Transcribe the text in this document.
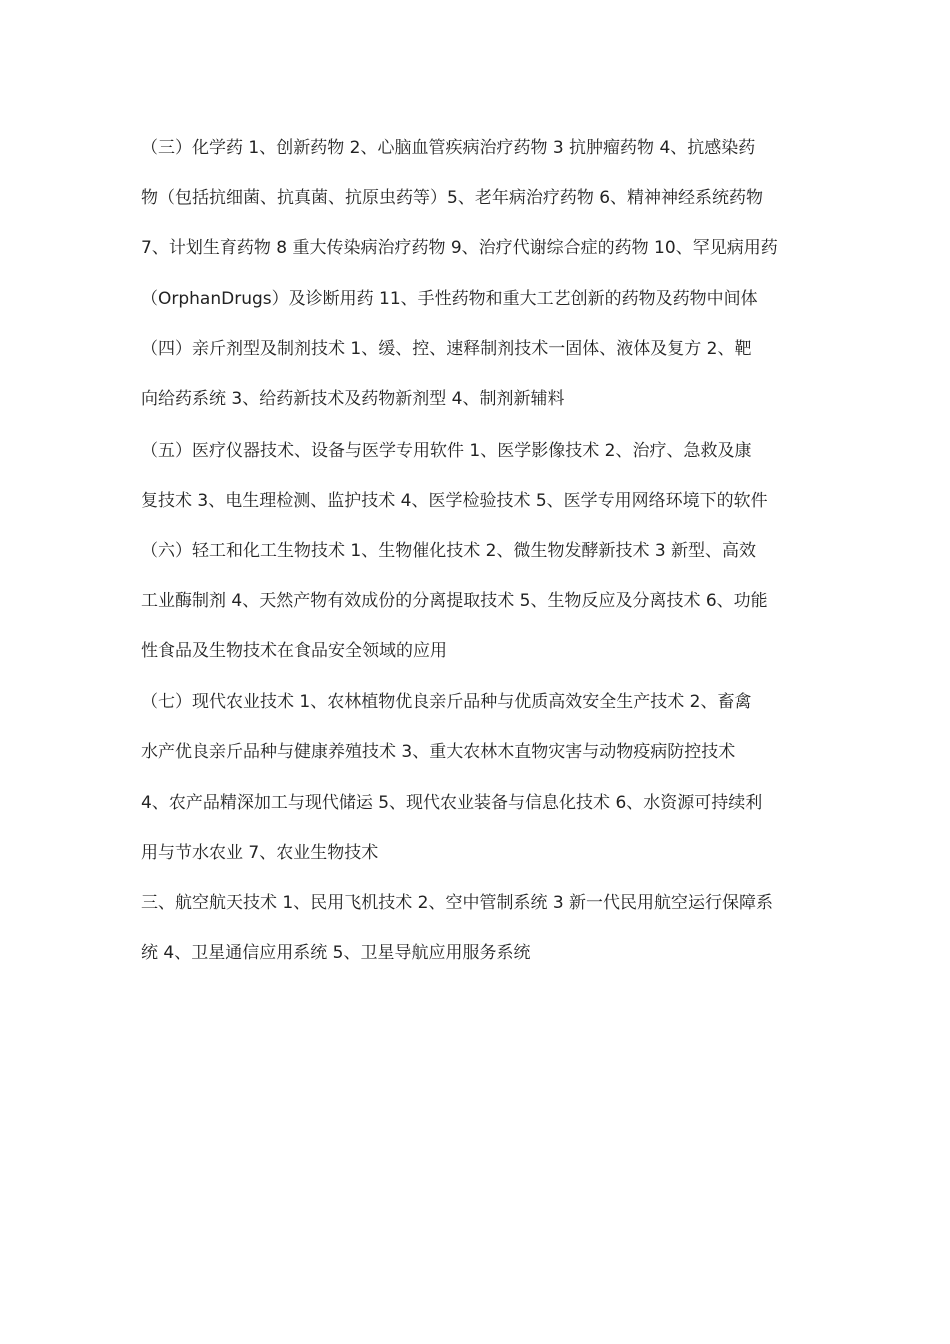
（三）化学药 1、创新药物 2、心脑血管疾病治疗药物 3 抗肿瘤药物 4、抗感染药
物（包括抗细菌、抗真菌、抗原虫药等）5、老年病治疗药物 6、精神神经系统药物
7、计划生育药物 8 重大传染病治疗药物 9、治疗代谢综合症的药物 10、罕见病用药
（OrphanDrugs）及诊断用药 11、手性药物和重大工艺创新的药物及药物中间体
（四）亲斤剂型及制剂技术 1、缓、控、速释制剂技术一固体、液体及复方 2、靶
向给药系统 3、给药新技术及药物新剂型 4、制剂新辅料
（五）医疗仪器技术、设备与医学专用软件 1、医学影像技术 2、治疗、急救及康
复技术 3、电生理检测、监护技术 4、医学检验技术 5、医学专用网络环境下的软件
（六）轻工和化工生物技术 1、生物催化技术 2、微生物发酵新技术 3 新型、高效
工业酶制剂 4、天然产物有效成份的分离提取技术 5、生物反应及分离技术 6、功能
性食品及生物技术在食品安全领域的应用
（七）现代农业技术 1、农林植物优良亲斤品种与优质高效安全生产技术 2、畜禽
水产优良亲斤品种与健康养殖技术 3、重大农林木直物灾害与动物疫病防控技术
4、农产品精深加工与现代储运 5、现代农业装备与信息化技术 6、水资源可持续利
用与节水农业 7、农业生物技术
三、航空航天技术 1、民用飞机技术 2、空中管制系统 3 新一代民用航空运行保障系
统 4、卫星通信应用系统 5、卫星导航应用服务系统
